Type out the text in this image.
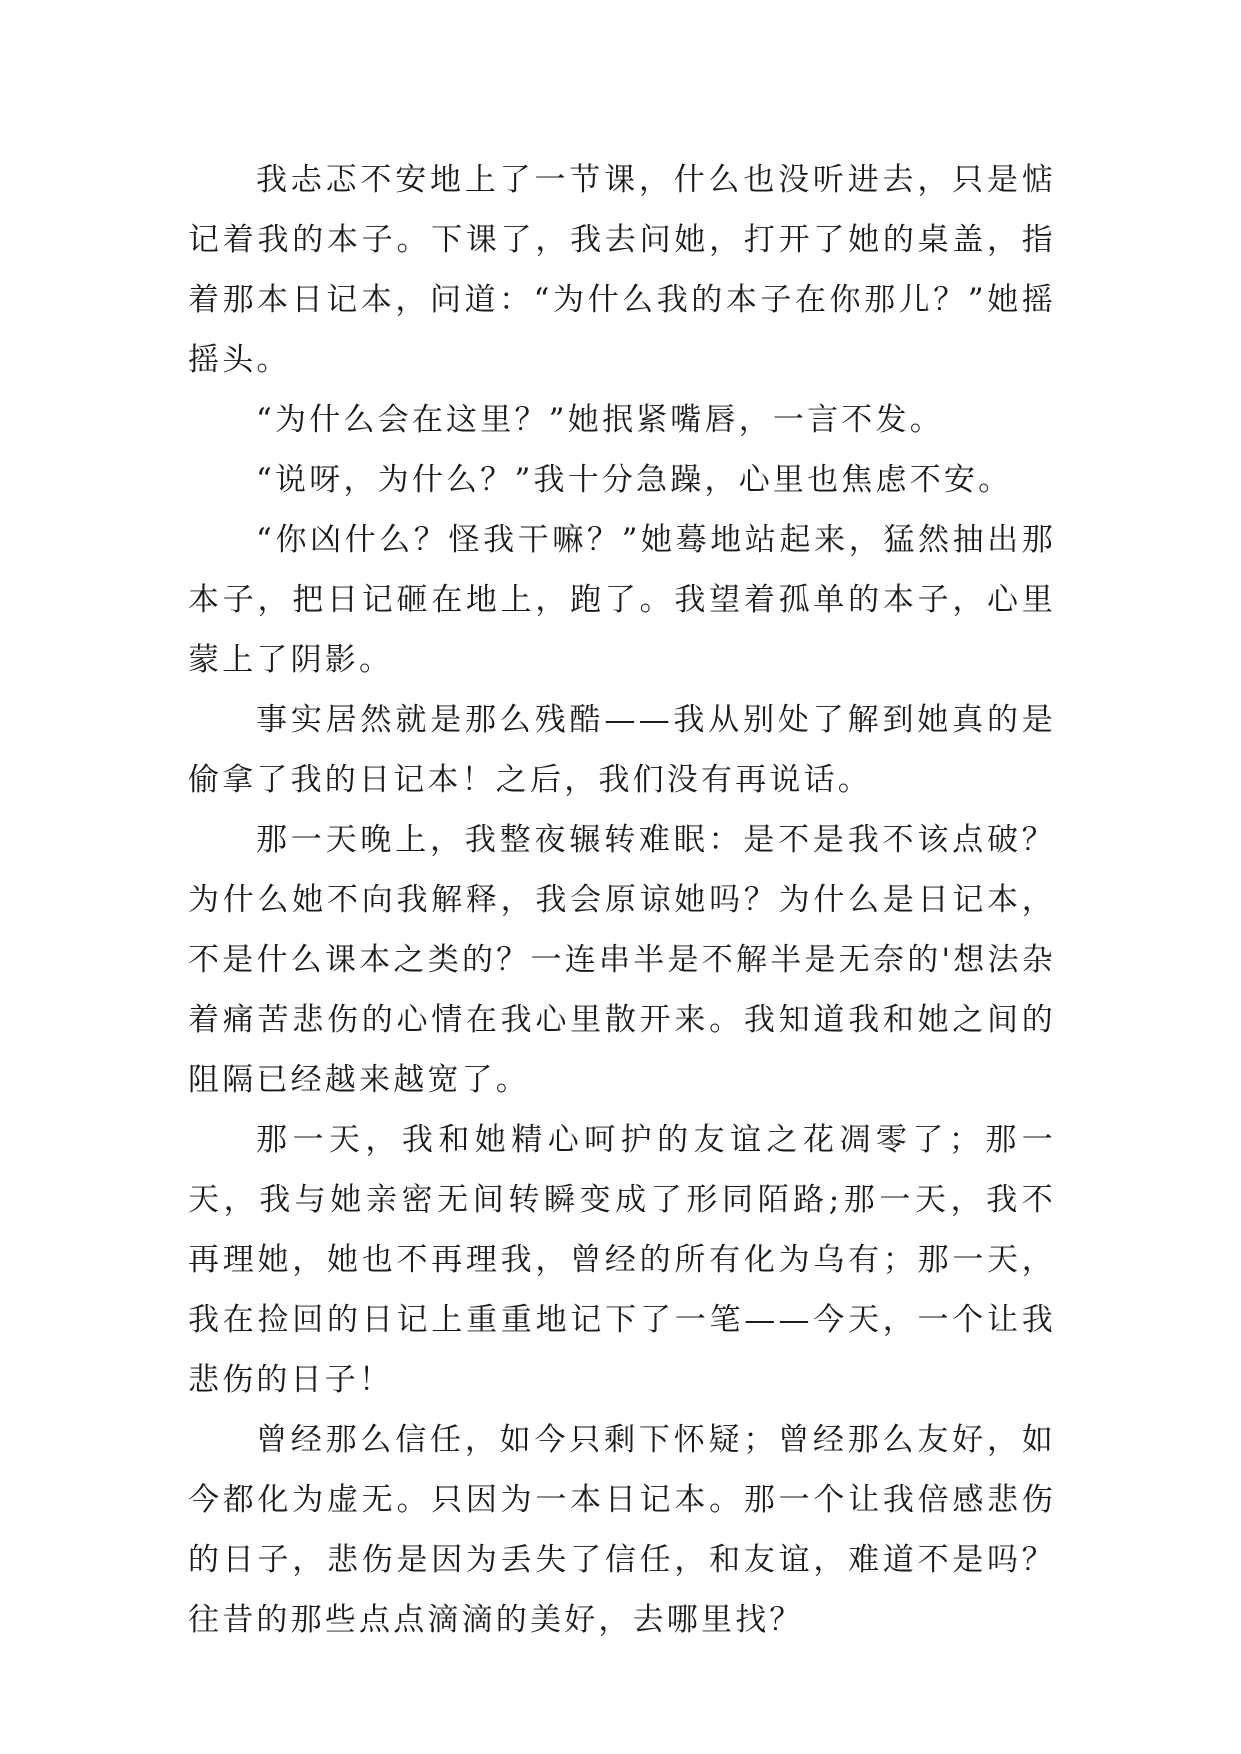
我忐忑不安地上了一节课，什么也没听进去，只是惦记着我的本子。下课了，我去问她，打开了她的桌盖，指着那本日记本，问道：“为什么我的本子在你那儿？”她摇摇头。

“为什么会在这里？”她抿紧嘴唇，一言不发。

“说呀，为什么？”我十分急躁，心里也焦虑不安。

“你凶什么？怪我干嘛？”她蓦地站起来，猛然抽出那本子，把日记砸在地上，跑了。我望着孤单的本子，心里蒙上了阴影。

事实居然就是那么残酷——我从别处了解到她真的是偷拿了我的日记本！之后，我们没有再说话。

那一天晚上，我整夜辗转难眠：是不是我不该点破？为什么她不向我解释，我会原谅她吗？为什么是日记本，不是什么课本之类的？一连串半是不解半是无奈的'想法杂着痛苦悲伤的心情在我心里散开来。我知道我和她之间的阻隔已经越来越宽了。

那一天，我和她精心呵护的友谊之花凋零了；那一天，我与她亲密无间转瞬变成了形同陌路;那一天，我不再理她，她也不再理我，曾经的所有化为乌有；那一天，我在捡回的日记上重重地记下了一笔——今天，一个让我悲伤的日子！

曾经那么信任，如今只剩下怀疑；曾经那么友好，如今都化为虚无。只因为一本日记本。那一个让我倍感悲伤的日子，悲伤是因为丢失了信任，和友谊，难道不是吗？往昔的那些点点滴滴的美好，去哪里找？
